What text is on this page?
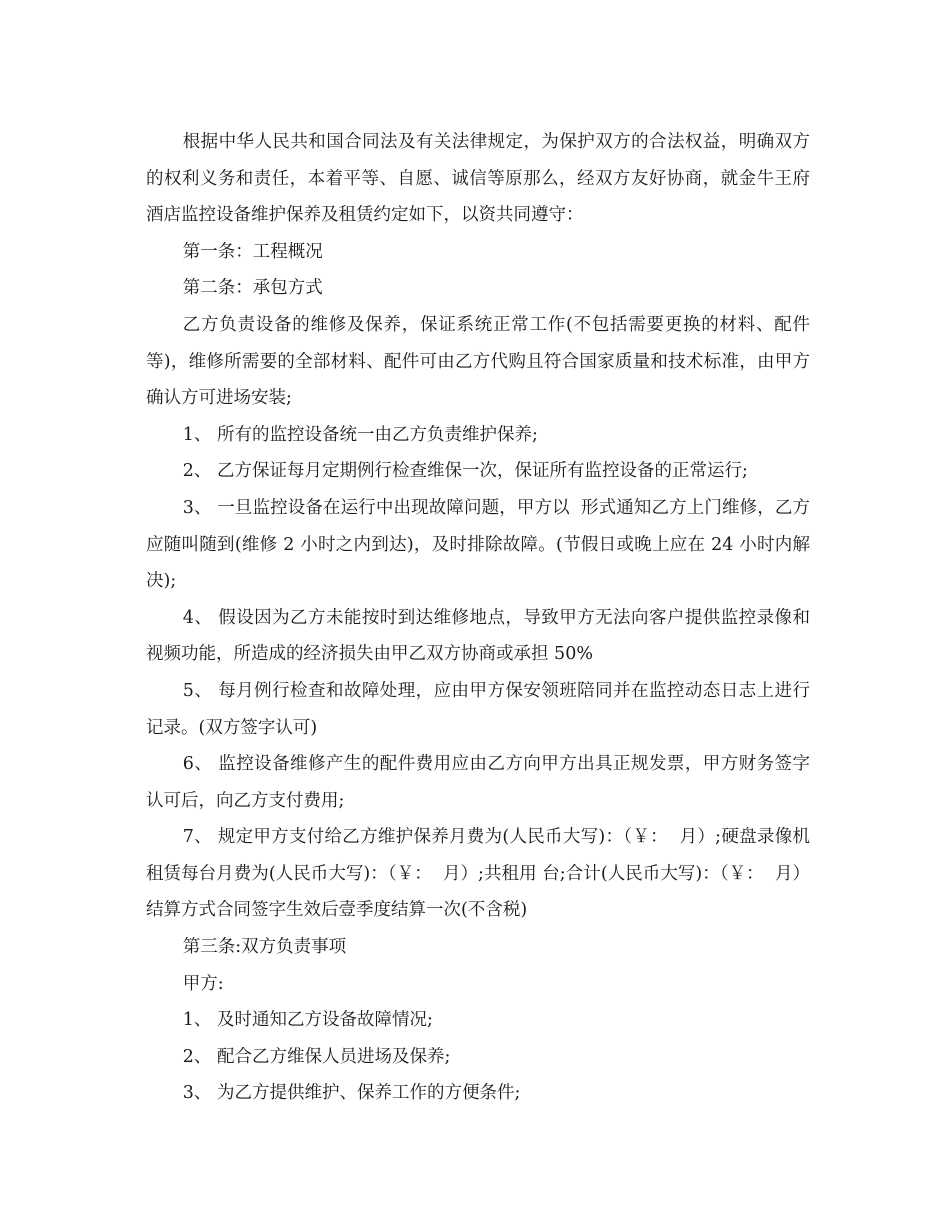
根据中华人民共和国合同法及有关法律规定，为保护双方的合法权益，明确双方的权利义务和责任，本着平等、自愿、诚信等原那么，经双方友好协商，就金牛王府酒店监控设备维护保养及租赁约定如下，以资共同遵守：

第一条：工程概况

第二条：承包方式

乙方负责设备的维修及保养，保证系统正常工作(不包括需要更换的材料、配件等)，维修所需要的全部材料、配件可由乙方代购且符合国家质量和技术标准，由甲方确认方可进场安装;

1、 所有的监控设备统一由乙方负责维护保养;

2、 乙方保证每月定期例行检查维保一次，保证所有监控设备的正常运行;

3、 一旦监控设备在运行中出现故障问题，甲方以  形式通知乙方上门维修，乙方应随叫随到(维修 2 小时之内到达)，及时排除故障。(节假日或晚上应在 24 小时内解决);

4、 假设因为乙方未能按时到达维修地点，导致甲方无法向客户提供监控录像和视频功能，所造成的经济损失由甲乙双方协商或承担 50%

5、 每月例行检查和故障处理，应由甲方保安领班陪同并在监控动态日志上进行记录。(双方签字认可)

6、 监控设备维修产生的配件费用应由乙方向甲方出具正规发票，甲方财务签字认可后，向乙方支付费用;

7、 规定甲方支付给乙方维护保养月费为(人民币大写)：（￥：  月）;硬盘录像机租赁每台月费为(人民币大写)：（￥：  月）;共租用 台;合计(人民币大写)：（￥：  月）结算方式合同签字生效后壹季度结算一次(不含税)

第三条:双方负责事项

甲方:

1、 及时通知乙方设备故障情况;

2、 配合乙方维保人员进场及保养;

3、 为乙方提供维护、保养工作的方便条件;
